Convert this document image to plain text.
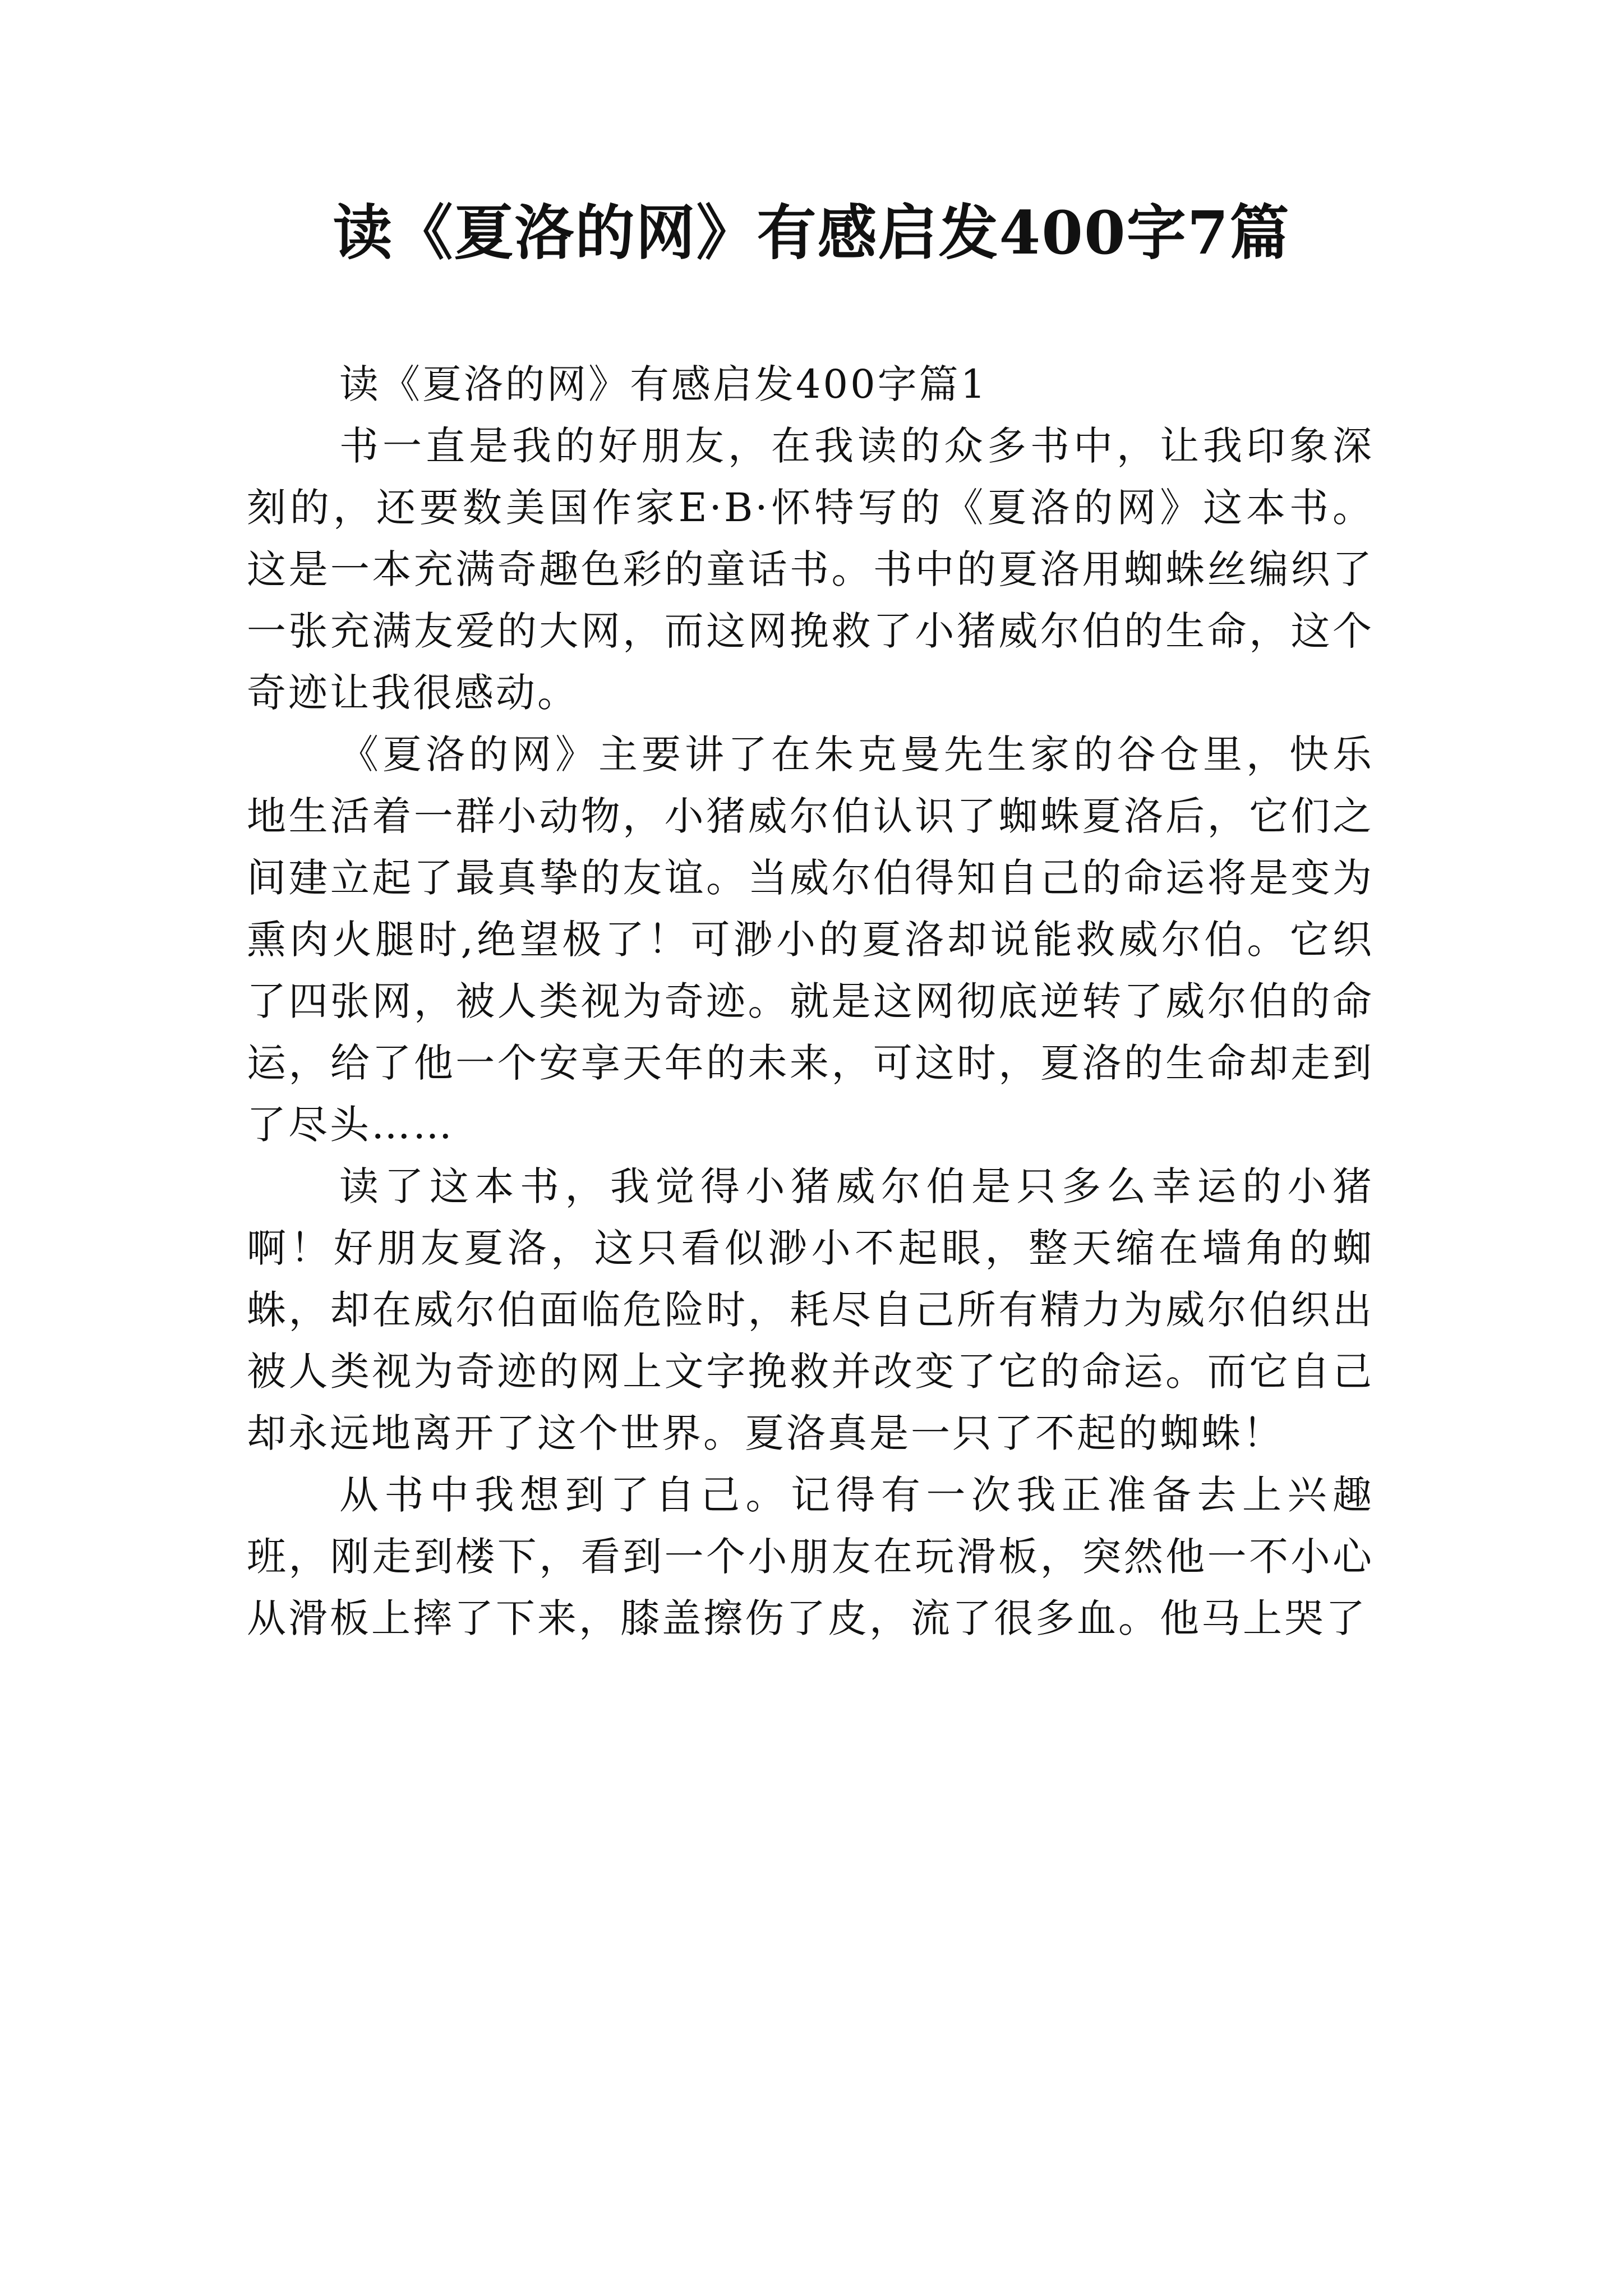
读《夏洛的网》有感启发400字7篇

读《夏洛的网》有感启发400字篇1

书一直是我的好朋友，在我读的众多书中，让我印象深刻的，还要数美国作家E·B·怀特写的《夏洛的网》这本书。这是一本充满奇趣色彩的童话书。书中的夏洛用蜘蛛丝编织了一张充满友爱的大网，而这网挽救了小猪威尔伯的生命，这个奇迹让我很感动。

《夏洛的网》主要讲了在朱克曼先生家的谷仓里，快乐地生活着一群小动物，小猪威尔伯认识了蜘蛛夏洛后，它们之间建立起了最真挚的友谊。当威尔伯得知自己的命运将是变为熏肉火腿时,绝望极了！可渺小的夏洛却说能救威尔伯。它织了四张网，被人类视为奇迹。就是这网彻底逆转了威尔伯的命运，给了他一个安享天年的未来，可这时，夏洛的生命却走到了尽头……

读了这本书，我觉得小猪威尔伯是只多么幸运的小猪啊！好朋友夏洛，这只看似渺小不起眼，整天缩在墙角的蜘蛛，却在威尔伯面临危险时，耗尽自己所有精力为威尔伯织出被人类视为奇迹的网上文字挽救并改变了它的命运。而它自己却永远地离开了这个世界。夏洛真是一只了不起的蜘蛛！

从书中我想到了自己。记得有一次我正准备去上兴趣班，刚走到楼下，看到一个小朋友在玩滑板，突然他一不小心从滑板上摔了下来，膝盖擦伤了皮，流了很多血。他马上哭了
